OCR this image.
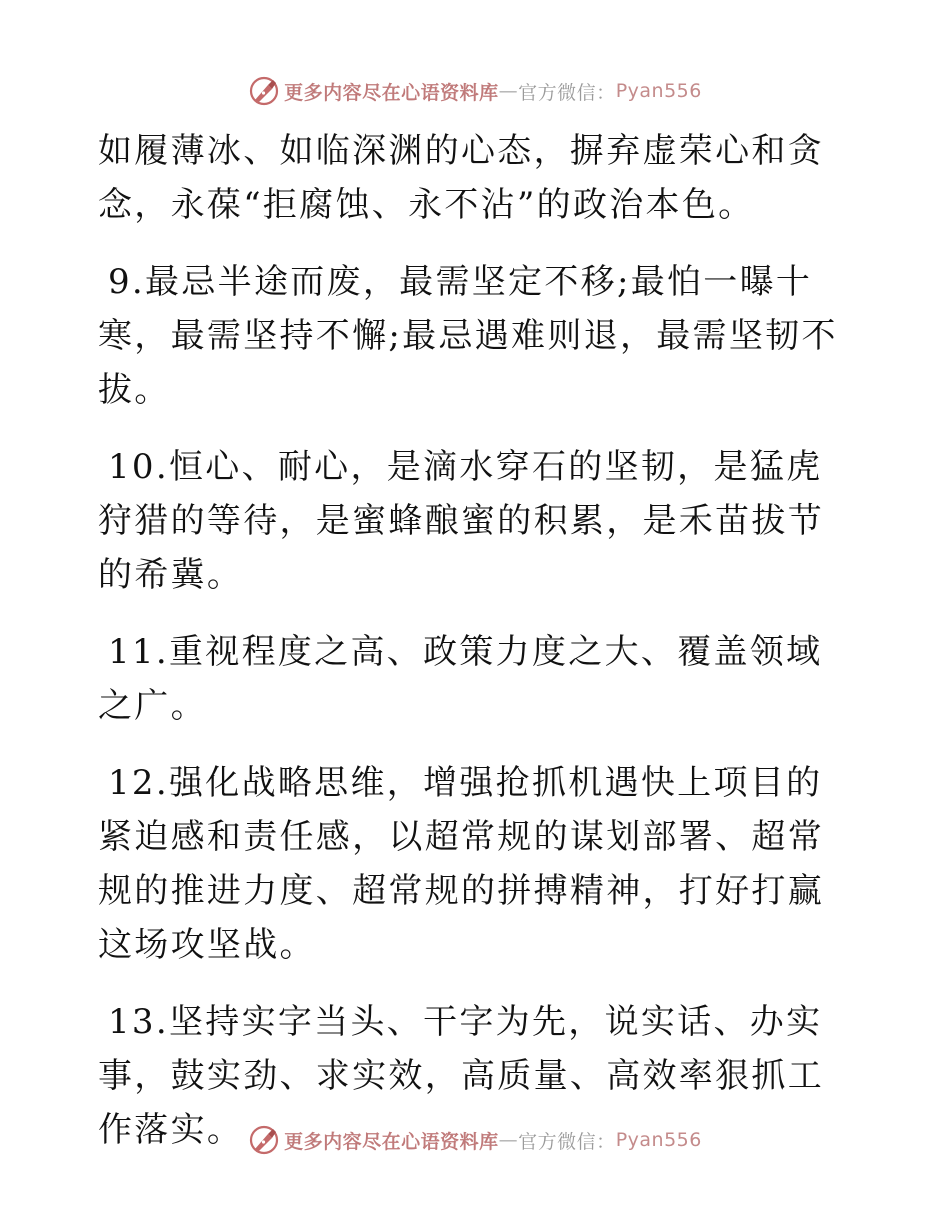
更多内容尽在心语资料库 — 官方微信： Pyan556

如履薄冰、如临深渊的心态，摒弃虚荣心和贪念，永葆“拒腐蚀、永不沾”的政治本色。

9.最忌半途而废，最需坚定不移;最怕一曝十寒，最需坚持不懈;最忌遇难则退，最需坚韧不拔。

10.恒心、耐心，是滴水穿石的坚韧，是猛虎狩猎的等待，是蜜蜂酿蜜的积累，是禾苗拔节的希冀。

11.重视程度之高、政策力度之大、覆盖领域之广。

12.强化战略思维，增强抢抓机遇快上项目的紧迫感和责任感，以超常规的谋划部署、超常规的推进力度、超常规的拼搏精神，打好打赢这场攻坚战。

13.坚持实字当头、干字为先，说实话、办实事，鼓实劲、求实效，高质量、高效率狠抓工作落实。	更多内容尽在心语资料库 — 官方微信： Pyan556
